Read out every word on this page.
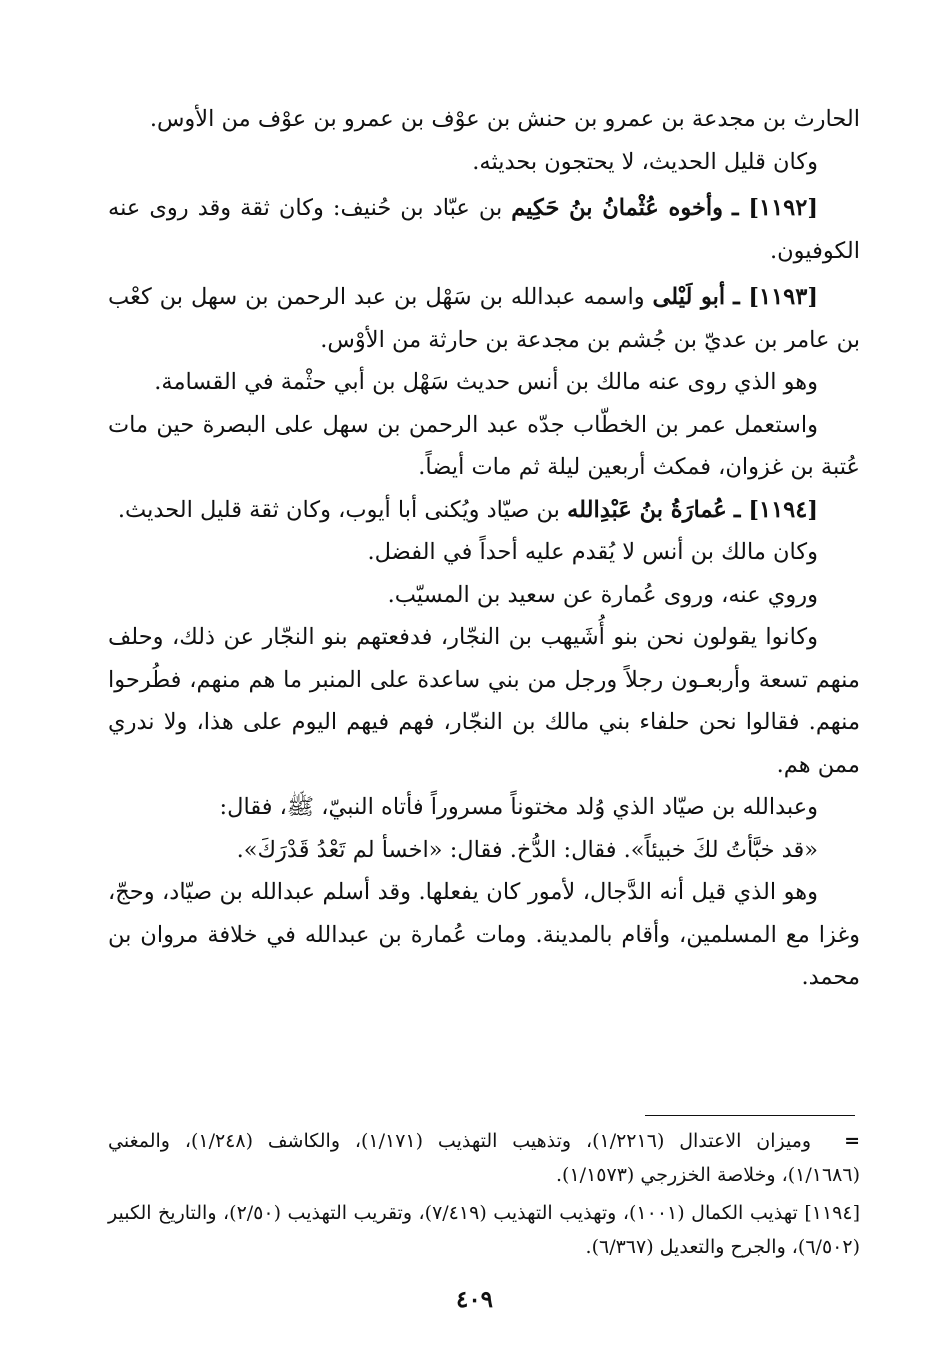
الحارث بن مجدعة بن عمرو بن حنش بن عوْف بن عمرو بن عوْف من الأوس.

وكان قليل الحديث، لا يحتجون بحديثه.

[١١٩٢] ـ وأخوه عُثْمانُ بنُ حَكِيم بن عبّاد بن حُنيف: وكان ثقة وقد روى عنه الكوفيون.

[١١٩٣] ـ أبو لَيْلى واسمه عبدالله بن سَهْل بن عبد الرحمن بن سهل بن كعْب بن عامر بن عديّ بن جُشم بن مجدعة بن حارثة من الأوْس.

وهو الذي روى عنه مالك بن أنس حديث سَهْل بن أبي حثْمة في القسامة.

واستعمل عمر بن الخطّاب جدّه عبد الرحمن بن سهل على البصرة حين مات عُتبة بن غزوان، فمكث أربعين ليلة ثم مات أيضاً.

[١١٩٤] ـ عُمارَةُ بنُ عَبْدِالله بن صيّاد ويُكنى أبا أيوب، وكان ثقة قليل الحديث.

وكان مالك بن أنس لا يُقدم عليه أحداً في الفضل.

وروي عنه، وروى عُمارة عن سعيد بن المسيّب.

وكانوا يقولون نحن بنو أُشَيهب بن النجّار، فدفعتهم بنو النجّار عن ذلك، وحلف منهم تسعة وأربعـون رجلاً ورجل من بني ساعدة على المنبر ما هم منهم، فطُرحوا منهم. فقالوا نحن حلفاء بني مالك بن النجّار، فهم فيهم اليوم على هذا، ولا ندري ممن هم.

وعبدالله بن صيّاد الذي وُلد مختوناً مسروراً فأتاه النبيّ، ﷺ، فقال:

«قد خبَّأتُ لكَ خبيئاً». فقال: الدُّخ. فقال: «اخسأ لم تَعْدُ قَدْرَكَ».

وهو الذي قيل أنه الدَّجال، لأمور كان يفعلها. وقد أسلم عبدالله بن صيّاد، وحجّ، وغزا مع المسلمين، وأقام بالمدينة. ومات عُمارة بن عبدالله في خلافة مروان بن محمد.

= وميزان الاعتدال (١/٢٢١٦)، وتذهيب التهذيب (١/١٧١)، والكاشف (١/٢٤٨)، والمغني (١/١٦٨٦)، وخلاصة الخزرجي (١/١٥٧٣).

[١١٩٤] تهذيب الكمال (١٠٠١)، وتهذيب التهذيب (٧/٤١٩)، وتقريب التهذيب (٢/٥٠)، والتاريخ الكبير (٦/٥٠٢)، والجرح والتعديل (٦/٣٦٧).

٤٠٩
